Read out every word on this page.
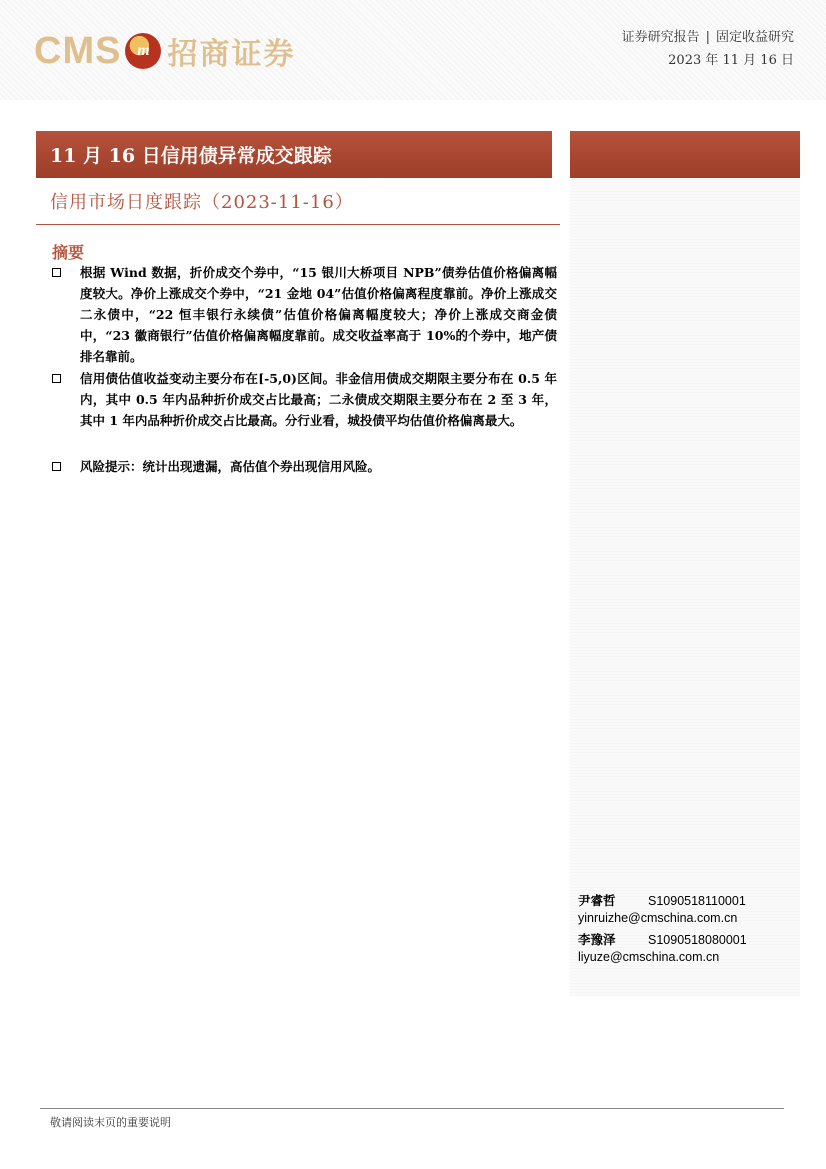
CMS m 招商证券	证券研究报告 | 固定收益研究
2023 年 11 月 16 日
11 月 16 日信用债异常成交跟踪
信用市场日度跟踪（2023-11-16）
摘要
根据 Wind 数据，折价成交个券中，“15 银川大桥项目 NPB”债券估值价格偏离幅度较大。净价上涨成交个券中，“21 金地 04”估值价格偏离程度靠前。净价上涨成交二永债中，“22 恒丰银行永续债”估值价格偏离幅度较大；净价上涨成交商金债中，“23 徽商银行”估值价格偏离幅度靠前。成交收益率高于 10%的个券中，地产债排名靠前。
信用债估值收益变动主要分布在[-5,0)区间。非金信用债成交期限主要分布在 0.5 年内，其中 0.5 年内品种折价成交占比最高；二永债成交期限主要分布在 2 至 3 年，其中 1 年内品种折价成交占比最高。分行业看，城投债平均估值价格偏离最大。
风险提示：统计出现遗漏，高估值个券出现信用风险。
尹睿哲	S1090518110001
yinruizhe@cmschina.com.cn
李豫泽	S1090518080001
liyuze@cmschina.com.cn
敬请阅读末页的重要说明
